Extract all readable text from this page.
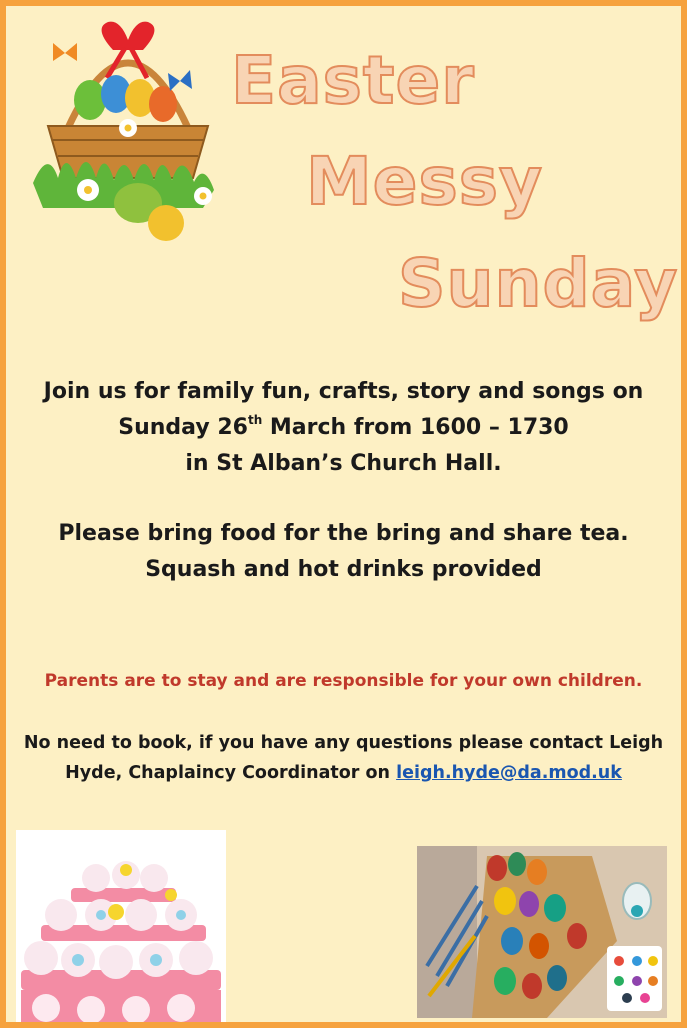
Easter
Messy
Sunday
Join us for family fun, crafts, story and songs on
Sunday 26th March from 1600 – 1730
in St Alban’s Church Hall.
Please bring food for the bring and share tea.
Squash and hot drinks provided
Parents are to stay and are responsible for your own children.
No need to book, if you have any questions please contact Leigh
Hyde, Chaplaincy Coordinator on leigh.hyde@da.mod.uk
